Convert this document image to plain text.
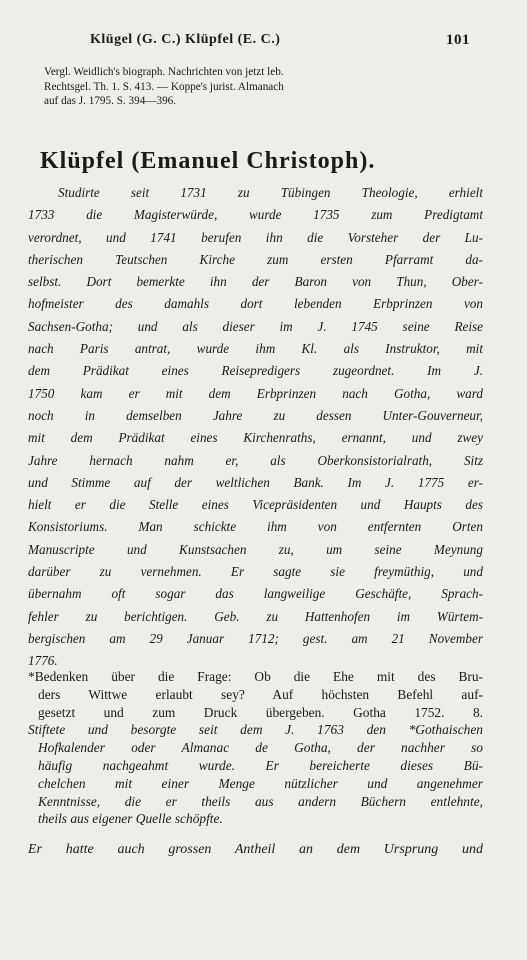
Klügel (G. C.) Klüpfel (E. C.)	101
Vergl. Weidlich's biograph. Nachrichten von jetzt leb.
Rechtsgel. Th. 1. S. 413. — Koppe's jurist. Almanach
auf das J. 1795. S. 394—396.
Klüpfel (Emanuel Christoph).
Studirte seit 1731 zu Tübingen Theologie, erhielt
1733 die Magisterwürde, wurde 1735 zum Predigtamt
verordnet, und 1741 berufen ihn die Vorsteher der Lu-
therischen Teutschen Kirche zum ersten Pfarramt da-
selbst. Dort bemerkte ihn der Baron von Thun, Ober-
hofmeister des damahls dort lebenden Erbprinzen von
Sachsen-Gotha; und als dieser im J. 1745 seine Reise
nach Paris antrat, wurde ihm Kl. als Instruktor, mit
dem Prädikat eines Reisepredigers zugeordnet. Im J.
1750 kam er mit dem Erbprinzen nach Gotha, ward
noch in demselben Jahre zu dessen Unter-Gouverneur,
mit dem Prädikat eines Kirchenraths, ernannt, und zwey
Jahre hernach nahm er, als Oberkonsistorialrath, Sitz
und Stimme auf der weltlichen Bank. Im J. 1775 er-
hielt er die Stelle eines Vicepräsidenten und Haupts des
Konsistoriums. Man schickte ihm von entfernten Orten
Manuscripte und Kunstsachen zu, um seine Meynung
darüber zu vernehmen. Er sagte sie freymüthig, und
übernahm oft sogar das langweilige Geschäfte, Sprach-
fehler zu berichtigen. Geb. zu Hattenhofen im Würtem-
bergischen am 29 Januar 1712; gest. am 21 November
1776.
*Bedenken über die Frage: Ob die Ehe mit des Bru-
ders Wittwe erlaubt sey? Auf höchsten Befehl auf-
gesetzt und zum Druck übergeben. Gotha 1752. 8.
Stiftete und besorgte seit dem J. 1763 den *Gothaischen
Hofkalender oder Almanac de Gotha, der nachher so
häufig nachgeahmt wurde. Er bereicherte dieses Bü-
chelchen mit einer Menge nützlicher und angenehmer
Kenntnisse, die er theils aus andern Büchern entlehnte,
theils aus eigener Quelle schöpfte.
Er hatte auch grossen Antheil an dem Ursprung und
